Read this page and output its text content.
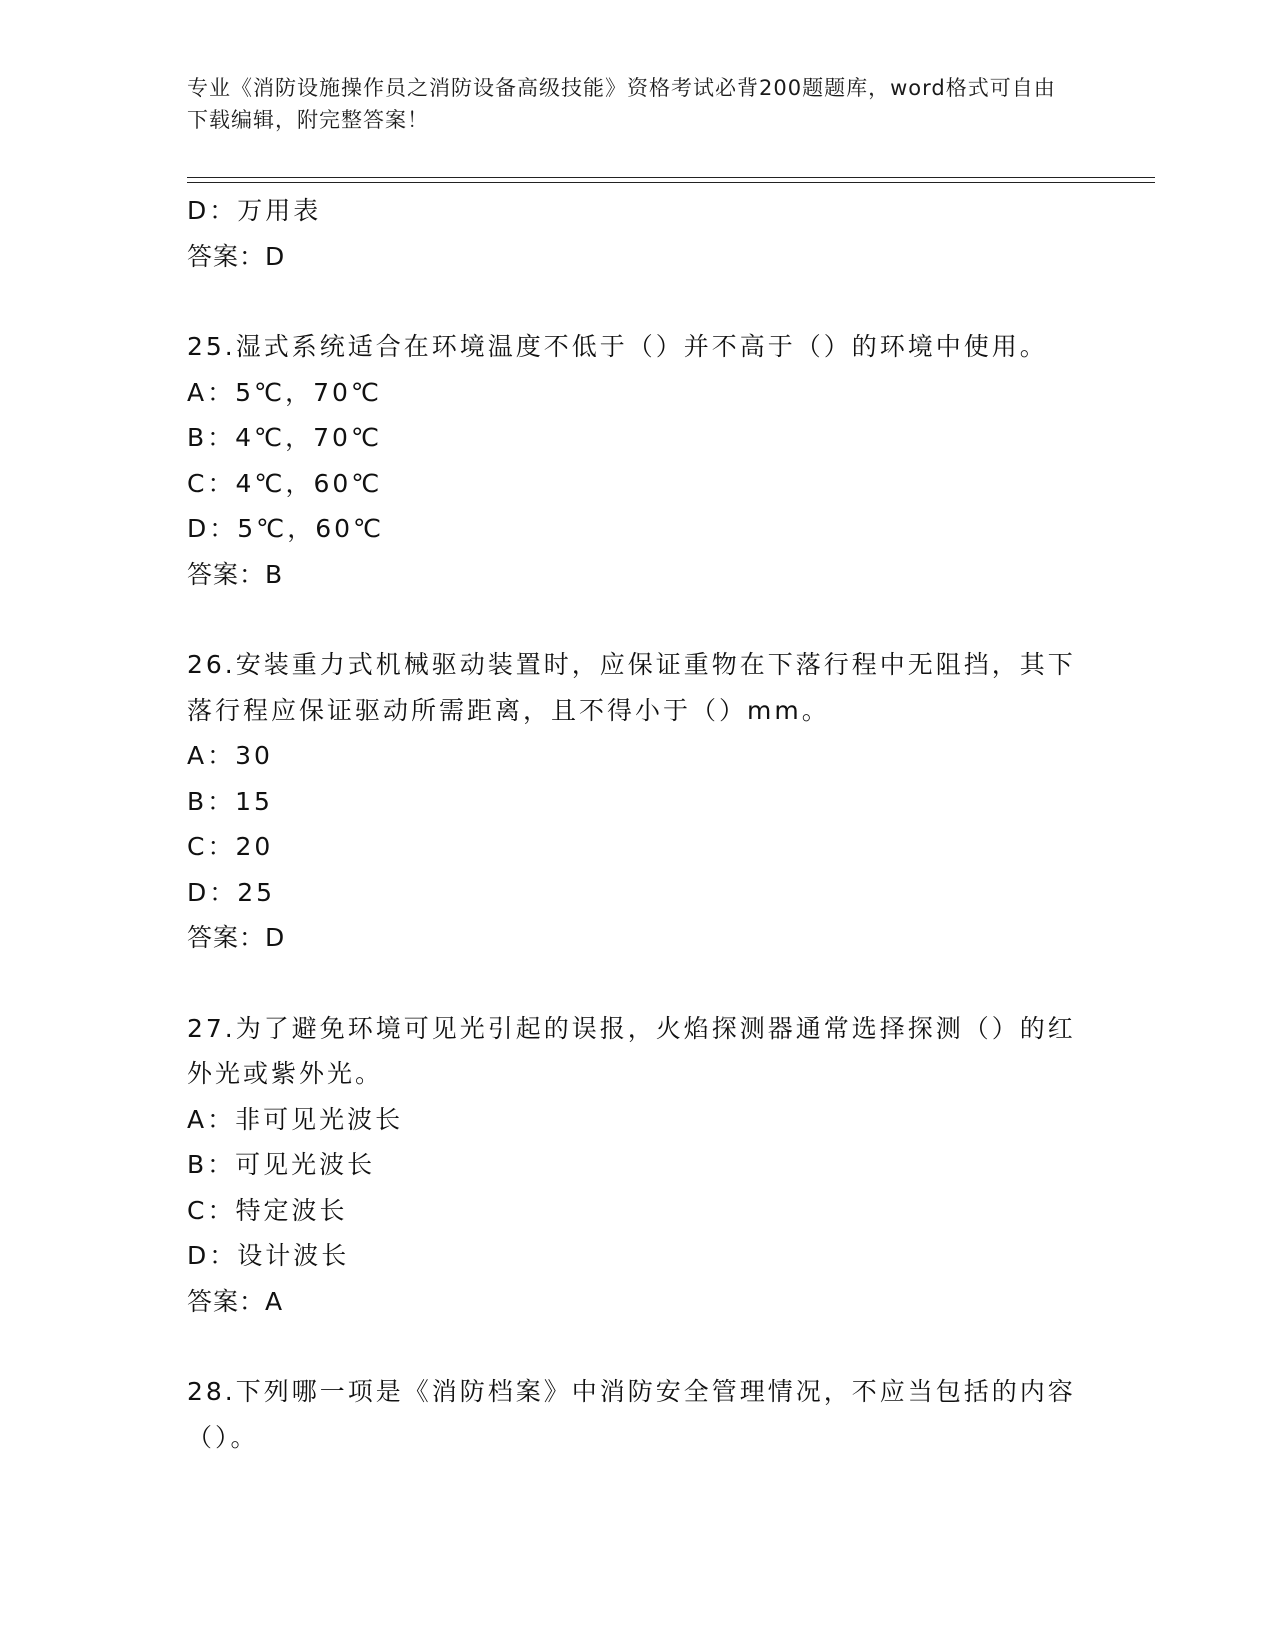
专业《消防设施操作员之消防设备高级技能》资格考试必背200题题库，word格式可自由下载编辑，附完整答案！
D：万用表
答案：D
25.湿式系统适合在环境温度不低于（）并不高于（）的环境中使用。
A：5℃，70℃
B：4℃，70℃
C：4℃，60℃
D：5℃，60℃
答案：B
26.安装重力式机械驱动装置时，应保证重物在下落行程中无阻挡，其下落行程应保证驱动所需距离，且不得小于（）mm。
A：30
B：15
C：20
D：25
答案：D
27.为了避免环境可见光引起的误报，火焰探测器通常选择探测（）的红外光或紫外光。
A：非可见光波长
B：可见光波长
C：特定波长
D：设计波长
答案：A
28.下列哪一项是《消防档案》中消防安全管理情况，不应当包括的内容（）。
